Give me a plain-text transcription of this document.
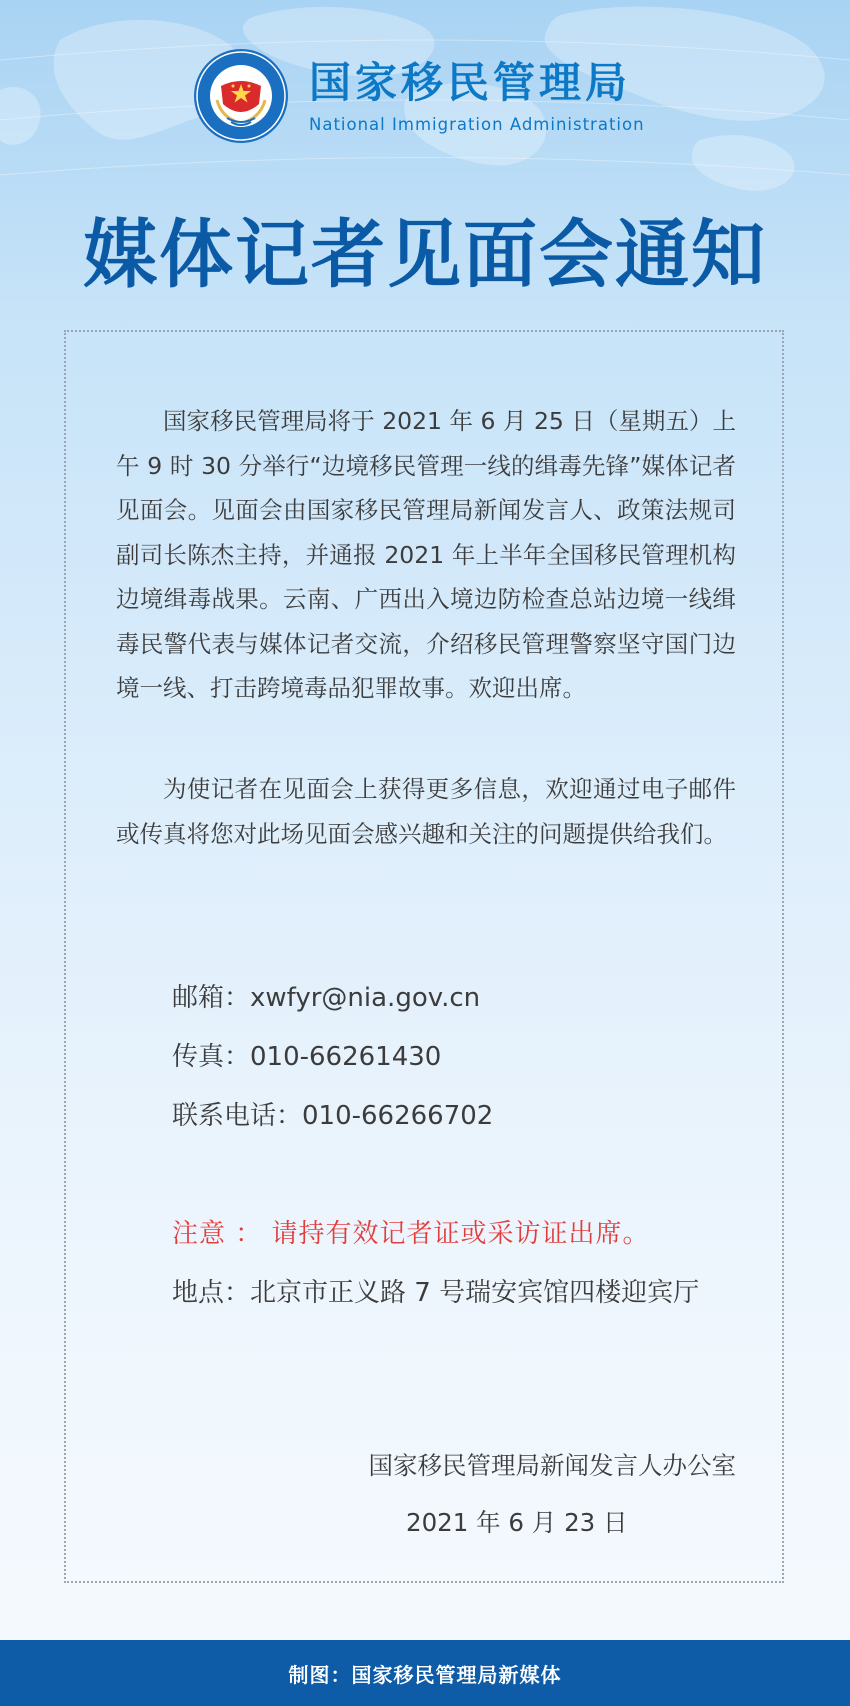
国家移民管理局
National Immigration Administration
媒体记者见面会通知

国家移民管理局将于 2021 年 6 月 25 日（星期五）上午 9 时 30 分举行“边境移民管理一线的缉毒先锋”媒体记者见面会。见面会由国家移民管理局新闻发言人、政策法规司副司长陈杰主持，并通报 2021 年上半年全国移民管理机构边境缉毒战果。云南、广西出入境边防检查总站边境一线缉毒民警代表与媒体记者交流，介绍移民管理警察坚守国门边境一线、打击跨境毒品犯罪故事。欢迎出席。

为使记者在见面会上获得更多信息，欢迎通过电子邮件或传真将您对此场见面会感兴趣和关注的问题提供给我们。

邮箱：xwfyr@nia.gov.cn
传真：010-66261430
联系电话：010-66266702
注意 ： 请持有效记者证或采访证出席。
地点：北京市正义路 7 号瑞安宾馆四楼迎宾厅
国家移民管理局新闻发言人办公室
2021 年 6 月 23 日
制图：国家移民管理局新媒体
